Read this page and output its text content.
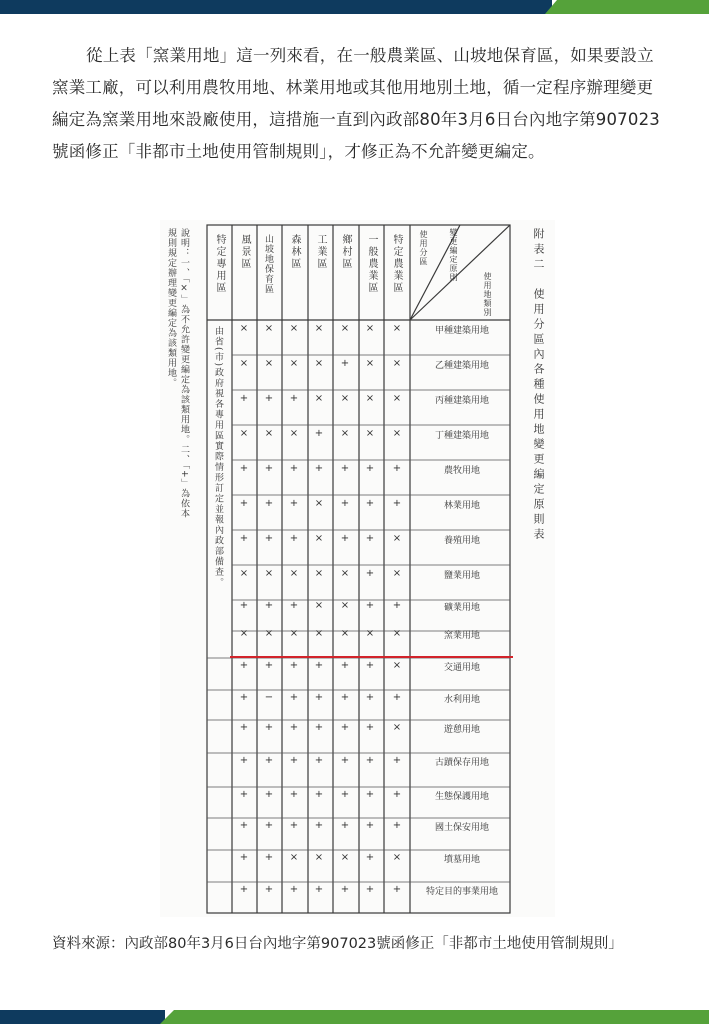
從上表「窯業用地」這一列來看，在一般農業區、山坡地保育區，如果要設立窯業工廠，可以利用農牧用地、林業用地或其他用地別土地，循一定程序辦理變更編定為窯業用地來設廠使用，這措施一直到內政部80年3月6日台內地字第907023號函修正「非都市土地使用管制規則」，才修正為不允許變更編定。

附表二　使用分區內各種使用地變更編定原則表
說明：一、「×」為不允許變更編定為該類用地。二、「+」為依本規則規定辦理變更編定為該類用地。	變更編定原則
使用地類別
使用分區
特定農業區
一般農業區
鄉村區
工業區
森林區
山坡地保育區
風景區
特定專用區
由省(市)政府視各專用區實際情形訂定並報內政部備查。	甲種建築用地
×
×
×
×
×
×
×
乙種建築用地
×
×
+
×
×
×
×
丙種建築用地
×
×
×
×
+
+
+
丁種建築用地
×
×
×
+
×
×
×
農牧用地
+
+
+
+
+
+
+
林業用地
+
+
+
×
+
+
+
養殖用地
×
+
+
×
+
+
+
鹽業用地
×
+
×
×
×
×
×
礦業用地
+
+
×
×
+
+
+
窯業用地
×
×
×
×
×
×
×
交通用地
×
+
+
+
+
+
+
水利用地
+
+
+
+
+
−
+
遊憩用地
×
+
+
+
+
+
+
古蹟保存用地
+
+
+
+
+
+
+
生態保護用地
+
+
+
+
+
+
+
國土保安用地
+
+
+
+
+
+
+
墳墓用地
×
+
×
×
×
+
+
特定目的事業用地
+
+
+
+
+
+
+
資料來源：內政部80年3月6日台內地字第907023號函修正「非都市土地使用管制規則」
